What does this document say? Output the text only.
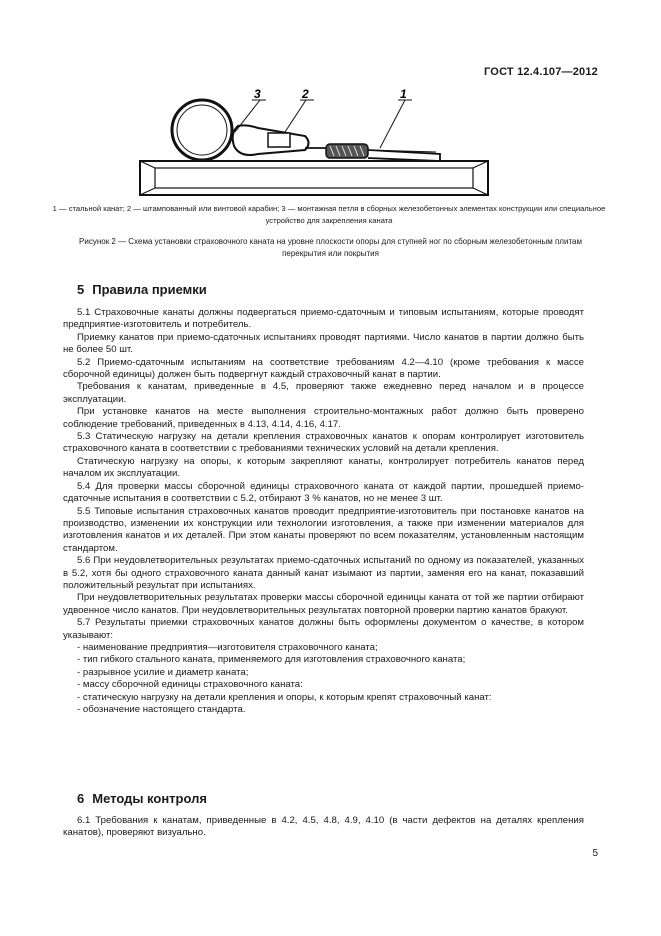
ГОСТ 12.4.107—2012
3	2	1
1 — стальной канат; 2 — штампованный или винтовой карабин; 3 — монтажная петля в сборных железобетонных элементах конструкции или специальное устройство для закрепления каната
Рисунок 2 — Схема установки страховочного каната на уровне плоскости опоры для ступней ног по сборным железобетонным плитам перекрытия или покрытия
5 Правила приемки

5.1 Страховочные канаты должны подвергаться приемо-сдаточным и типовым испытаниям, которые проводят предприятие-изготовитель и потребитель.

Приемку канатов при приемо-сдаточных испытаниях проводят партиями. Число канатов в партии должно быть не более 50 шт.

5.2 Приемо-сдаточным испытаниям на соответствие требованиям 4.2—4.10 (кроме требования к массе сборочной единицы) должен быть подвергнут каждый страховочный канат в партии.

Требования к канатам, приведенные в 4.5, проверяют также ежедневно перед началом и в процессе эксплуатации.

При установке канатов на месте выполнения строительно-монтажных работ должно быть проверено соблюдение требований, приведенных в 4.13, 4.14, 4.16, 4.17.

5.3 Статическую нагрузку на детали крепления страховочных канатов к опорам контролирует изготовитель страховочного каната в соответствии с требованиями технических условий на детали крепления.

Статическую нагрузку на опоры, к которым закрепляют канаты, контролирует потребитель канатов перед началом их эксплуатации.

5.4 Для проверки массы сборочной единицы страховочного каната от каждой партии, прошедшей приемо-сдаточные испытания в соответствии с 5.2, отбирают 3 % канатов, но не менее 3 шт.

5.5 Типовые испытания страховочных канатов проводит предприятие-изготовитель при постановке канатов на производство, изменении их конструкции или технологии изготовления, а также при изменении материалов для изготовления канатов и их деталей. При этом канаты проверяют по всем показателям, установленным настоящим стандартом.

5.6 При неудовлетворительных результатах приемо-сдаточных испытаний по одному из показателей, указанных в 5.2, хотя бы одного страховочного каната данный канат изымают из партии, заменяя его на канат, показавший положительный результат при испытаниях.

При неудовлетворительных результатах проверки массы сборочной единицы каната от той же партии отбирают удвоенное число канатов. При неудовлетворительных результатах повторной проверки партию канатов бракуют.

5.7 Результаты приемки страховочных канатов должны быть оформлены документом о качестве, в котором указывают:

- наименование предприятия—изготовителя страховочного каната;
- тип гибкого стального каната, применяемого для изготовления страховочного каната;
- разрывное усилие и диаметр каната;
- массу сборочной единицы страховочного каната:
- статическую нагрузку на детали крепления и опоры, к которым крепят страховочный канат:
- обозначение настоящего стандарта.
6 Методы контроля

6.1 Требования к канатам, приведенные в 4.2, 4.5, 4.8, 4.9, 4.10 (в части дефектов на деталях крепления канатов), проверяют визуально.

5
